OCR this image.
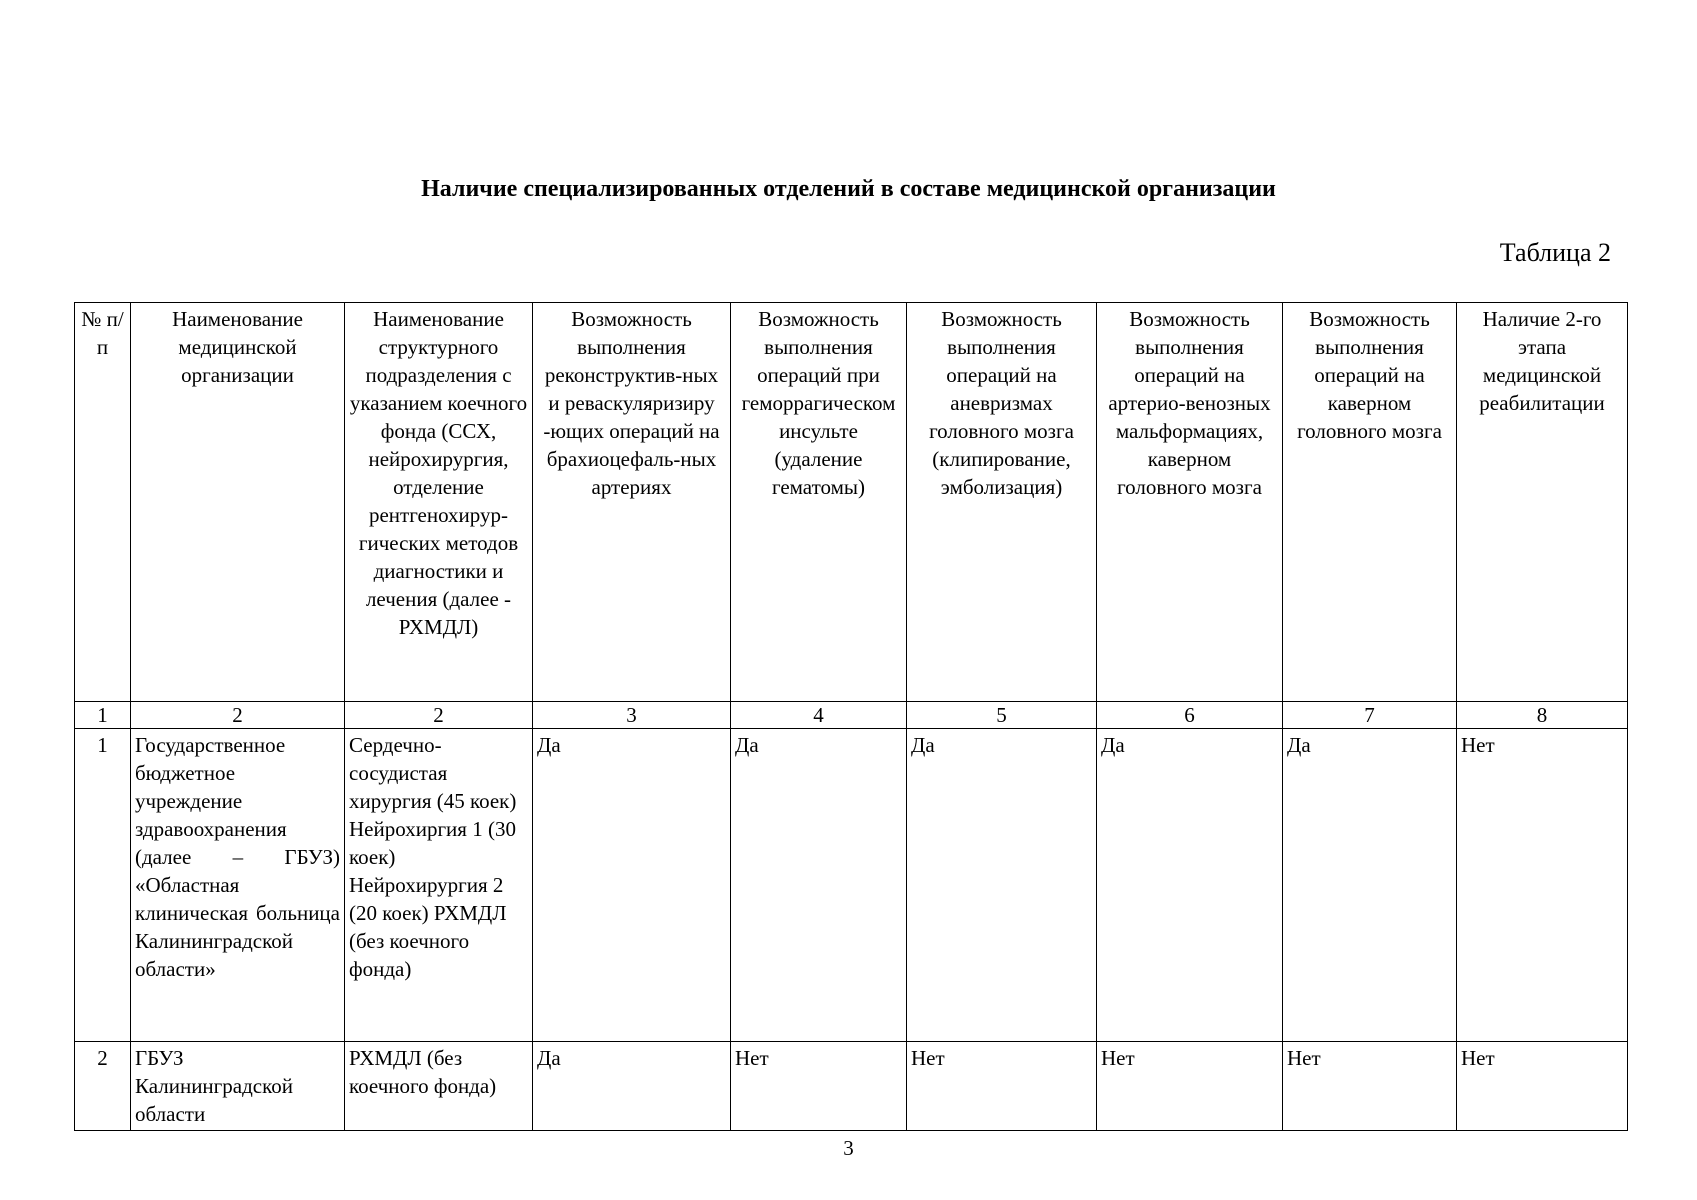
Наличие специализированных отделений в составе медицинской организации
Таблица 2
№ п/п	Наименование медицинской организации	Наименование структурного подразделения с указанием коечного фонда (ССХ, нейрохирургия, отделение рентгенохирур-гических методов диагностики и лечения (далее - РХМДЛ)	Возможность выполнения реконструктив-ных и реваскуляризиру -ющих операций на брахиоцефаль-ных артериях	Возможность выполнения операций при геморрагическом инсульте (удаление гематомы)	Возможность выполнения операций на аневризмах головного мозга (клипирование, эмболизация)	Возможность выполнения операций на артерио-венозных мальформациях, каверном головного мозга	Возможность выполнения операций на каверном головного мозга	Наличие 2-го этапа медицинской реабилитации
1	2	2	3	4	5	6	7	8
1	Государственное бюджетное учреждение здравоохранения (далее – ГБУЗ) «Областная клиническая больница Калининградской области»	Сердечно-сосудистая хирургия (45 коек) Нейрохиргия 1 (30 коек) Нейрохирургия 2 (20 коек) РХМДЛ (без коечного фонда)	Да	Да	Да	Да	Да	Нет
2	ГБУЗ Калининградской области	РХМДЛ (без коечного фонда)	Да	Нет	Нет	Нет	Нет	Нет
3
